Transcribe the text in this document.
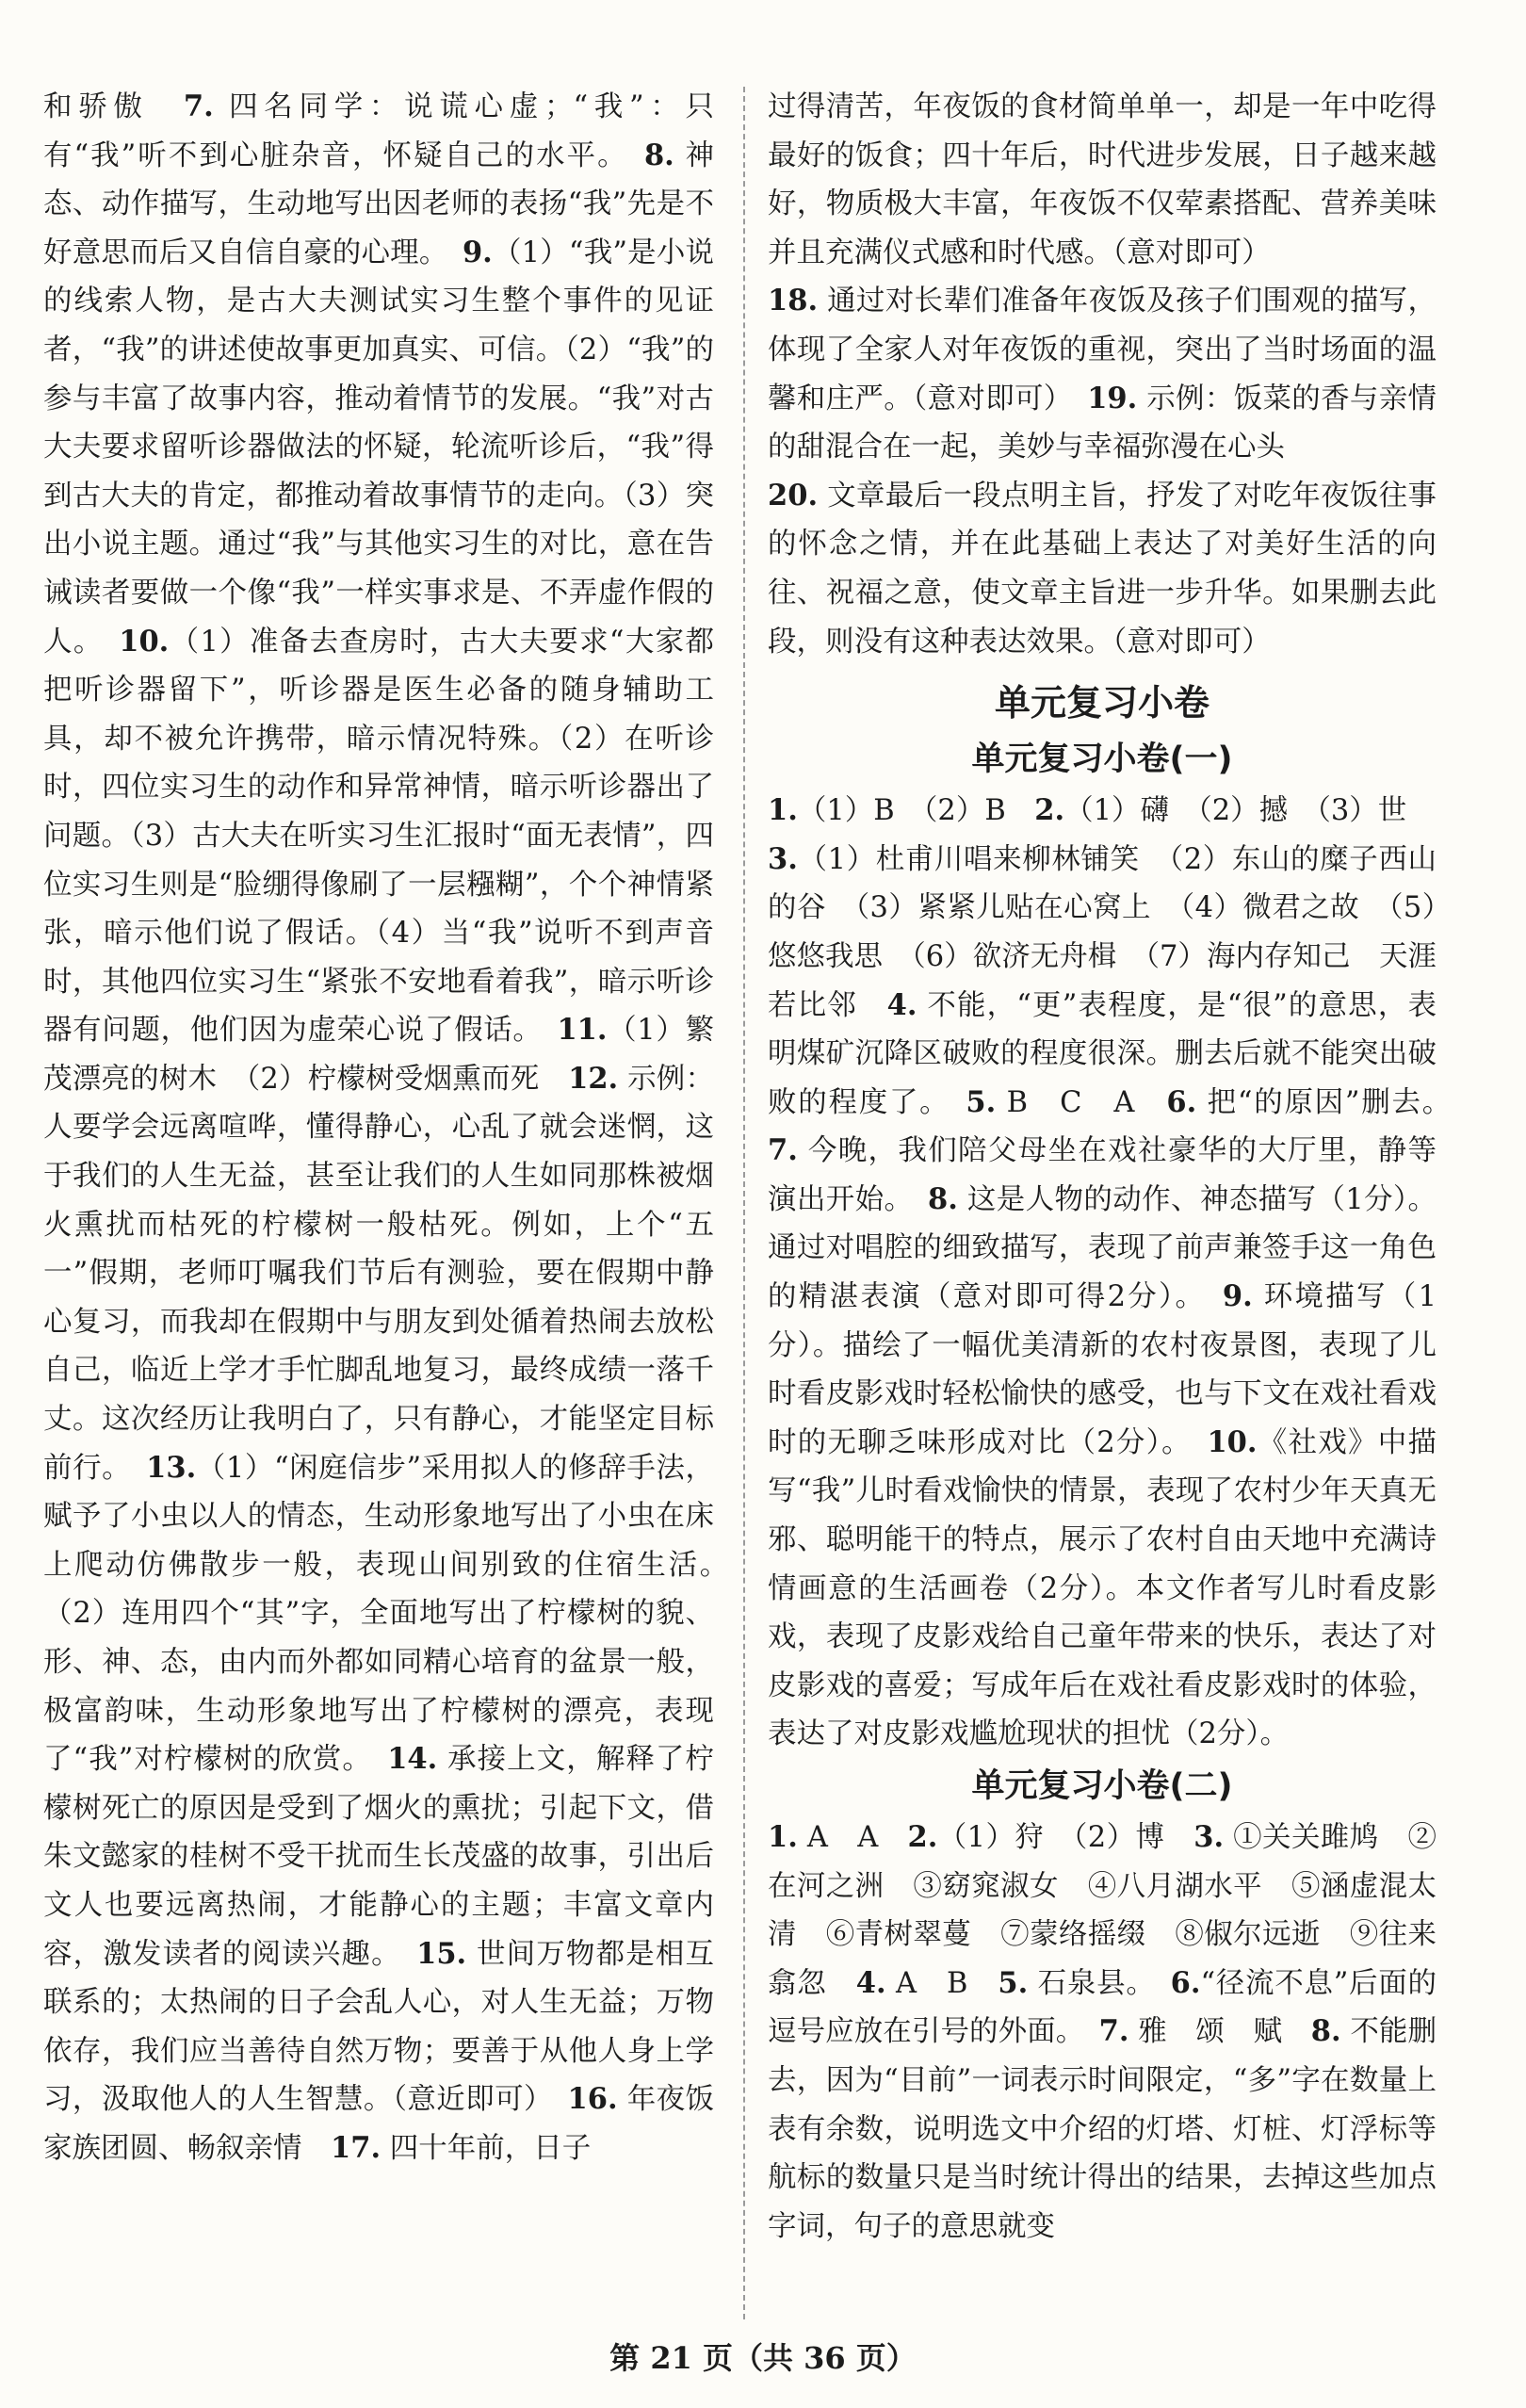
和骄傲　7. 四名同学：说谎心虚；“我”：只有“我”听不到心脏杂音，怀疑自己的水平。　8. 神态、动作描写，生动地写出因老师的表扬“我”先是不好意思而后又自信自豪的心理。　9.（1）“我”是小说的线索人物，是古大夫测试实习生整个事件的见证者，“我”的讲述使故事更加真实、可信。（2）“我”的参与丰富了故事内容，推动着情节的发展。“我”对古大夫要求留听诊器做法的怀疑，轮流听诊后，“我”得到古大夫的肯定，都推动着故事情节的走向。（3）突出小说主题。通过“我”与其他实习生的对比，意在告诫读者要做一个像“我”一样实事求是、不弄虚作假的人。　10.（1）准备去查房时，古大夫要求“大家都把听诊器留下”，听诊器是医生必备的随身辅助工具，却不被允许携带，暗示情况特殊。（2）在听诊时，四位实习生的动作和异常神情，暗示听诊器出了问题。（3）古大夫在听实习生汇报时“面无表情”，四位实习生则是“脸绷得像刷了一层糨糊”，个个神情紧张，暗示他们说了假话。（4）当“我”说听不到声音时，其他四位实习生“紧张不安地看着我”，暗示听诊器有问题，他们因为虚荣心说了假话。　11.（1）繁茂漂亮的树木　（2）柠檬树受烟熏而死　12. 示例：人要学会远离喧哗，懂得静心，心乱了就会迷惘，这于我们的人生无益，甚至让我们的人生如同那株被烟火熏扰而枯死的柠檬树一般枯死。例如，上个“五一”假期，老师叮嘱我们节后有测验，要在假期中静心复习，而我却在假期中与朋友到处循着热闹去放松自己，临近上学才手忙脚乱地复习，最终成绩一落千丈。这次经历让我明白了，只有静心，才能坚定目标前行。　13.（1）“闲庭信步”采用拟人的修辞手法，赋予了小虫以人的情态，生动形象地写出了小虫在床上爬动仿佛散步一般，表现山间别致的住宿生活。　（2）连用四个“其”字，全面地写出了柠檬树的貌、形、神、态，由内而外都如同精心培育的盆景一般，极富韵味，生动形象地写出了柠檬树的漂亮，表现了“我”对柠檬树的欣赏。　14. 承接上文，解释了柠檬树死亡的原因是受到了烟火的熏扰；引起下文，借朱文懿家的桂树不受干扰而生长茂盛的故事，引出后文人也要远离热闹，才能静心的主题；丰富文章内容，激发读者的阅读兴趣。　15. 世间万物都是相互联系的；太热闹的日子会乱人心，对人生无益；万物依存，我们应当善待自然万物；要善于从他人身上学习，汲取他人的人生智慧。（意近即可）　16. 年夜饭　家族团圆、畅叙亲情　17. 四十年前，日子

过得清苦，年夜饭的食材简单单一，却是一年中吃得最好的饭食；四十年后，时代进步发展，日子越来越好，物质极大丰富，年夜饭不仅荤素搭配、营养美味并且充满仪式感和时代感。（意对即可）
18. 通过对长辈们准备年夜饭及孩子们围观的描写，体现了全家人对年夜饭的重视，突出了当时场面的温馨和庄严。（意对即可）　19. 示例：饭菜的香与亲情的甜混合在一起，美妙与幸福弥漫在心头
20. 文章最后一段点明主旨，抒发了对吃年夜饭往事的怀念之情，并在此基础上表达了对美好生活的向往、祝福之意，使文章主旨进一步升华。如果删去此段，则没有这种表达效果。（意对即可）

单元复习小卷
单元复习小卷(一)

1.（1）B　（2）B　2.（1）礴　（2）撼　（3）世
3.（1）杜甫川唱来柳林铺笑　（2）东山的糜子西山的谷　（3）紧紧儿贴在心窝上　（4）微君之故　（5）悠悠我思　（6）欲济无舟楫　（7）海内存知己　天涯若比邻　4. 不能，“更”表程度，是“很”的意思，表明煤矿沉降区破败的程度很深。删去后就不能突出破败的程度了。　5. B　C　A　6. 把“的原因”删去。　7. 今晚，我们陪父母坐在戏社豪华的大厅里，静等演出开始。　8. 这是人物的动作、神态描写（1分）。通过对唱腔的细致描写，表现了前声兼签手这一角色的精湛表演（意对即可得2分）。　9. 环境描写（1分）。描绘了一幅优美清新的农村夜景图，表现了儿时看皮影戏时轻松愉快的感受，也与下文在戏社看戏时的无聊乏味形成对比（2分）。　10.《社戏》中描写“我”儿时看戏愉快的情景，表现了农村少年天真无邪、聪明能干的特点，展示了农村自由天地中充满诗情画意的生活画卷（2分）。本文作者写儿时看皮影戏，表现了皮影戏给自己童年带来的快乐，表达了对皮影戏的喜爱；写成年后在戏社看皮影戏时的体验，表达了对皮影戏尴尬现状的担忧（2分）。

单元复习小卷(二)

1. A　A　2.（1）狩　（2）博　3. ①关关雎鸠　②在河之洲　③窈窕淑女　④八月湖水平　⑤涵虚混太清　⑥青树翠蔓　⑦蒙络摇缀　⑧俶尔远逝　⑨往来翕忽　4. A　B　5. 石泉县。　6.“径流不息”后面的逗号应放在引号的外面。　7. 雅　颂　赋　8. 不能删去，因为“目前”一词表示时间限定，“多”字在数量上表有余数，说明选文中介绍的灯塔、灯桩、灯浮标等航标的数量只是当时统计得出的结果，去掉这些加点字词，句子的意思就变

第 21 页（共 36 页）
